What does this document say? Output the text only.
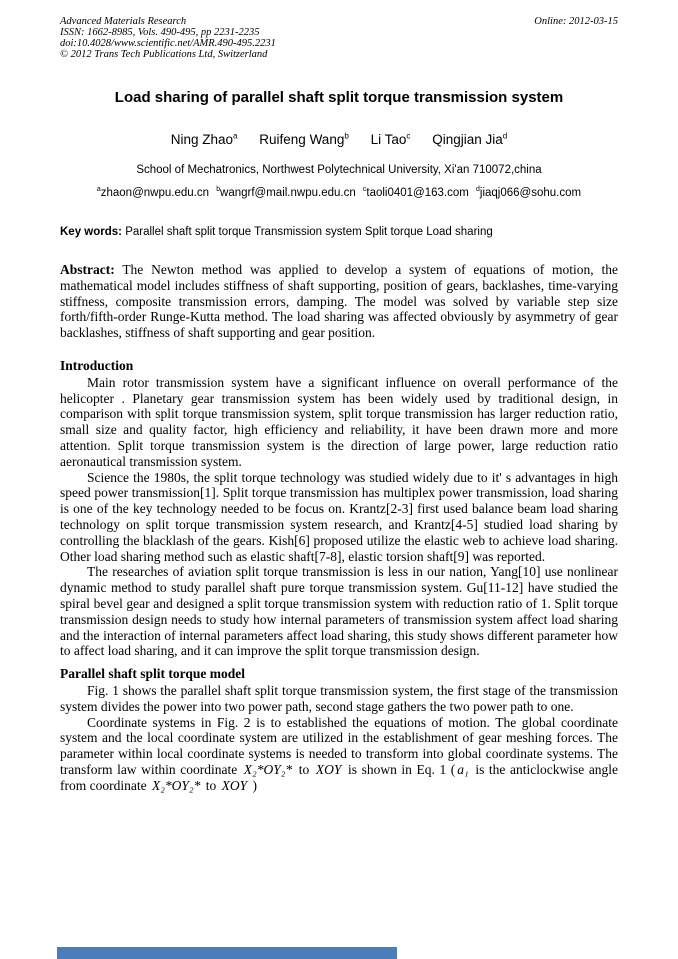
Advanced Materials Research	Online: 2012-03-15
ISSN: 1662-8985, Vols. 490-495, pp 2231-2235
doi:10.4028/www.scientific.net/AMR.490-495.2231
© 2012 Trans Tech Publications Ltd, Switzerland
Load sharing of parallel shaft split torque transmission system
Ning Zhao$^a$ Ruifeng Wang$^b$ Li Tao$^c$ Qingjian Jia$^d$
School of Mechatronics, Northwest Polytechnical University, Xi'an 710072,china
$^a$zhaon@nwpu.edu.cn $^b$wangrf@mail.nwpu.edu.cn $^c$taoli0401@163.com $^d$jiaqj066@sohu.com

Key words: Parallel shaft split torque Transmission system Split torque Load sharing

Abstract: The Newton method was applied to develop a system of equations of motion, the mathematical model includes stiffness of shaft supporting, position of gears, backlashes, time-varying stiffness, composite transmission errors, damping. The model was solved by variable step size forth/fifth-order Runge-Kutta method. The load sharing was affected obviously by asymmetry of gear backlashes, stiffness of shaft supporting and gear position.

Introduction

Main rotor transmission system have a significant influence on overall performance of the helicopter . Planetary gear transmission system has been widely used by traditional design, in comparison with split torque transmission system, split torque transmission has larger reduction ratio, small size and quality factor, high efficiency and reliability, it have been drawn more and more attention. Split torque transmission system is the direction of large power, large reduction ratio aeronautical transmission system.

Science the 1980s, the split torque technology was studied widely due to it' s advantages in high speed power transmission[1]. Split torque transmission has multiplex power transmission, load sharing is one of the key technology needed to be focus on. Krantz[2-3] first used balance beam load sharing technology on split torque transmission system research, and Krantz[4-5] studied load sharing by controlling the blacklash of the gears. Kish[6] proposed utilize the elastic web to achieve load sharing. Other load sharing method such as elastic shaft[7-8], elastic torsion shaft[9] was reported.

The researches of aviation split torque transmission is less in our nation, Yang[10] use nonlinear dynamic method to study parallel shaft pure torque transmission system. Gu[11-12] have studied the spiral bevel gear and designed a split torque transmission system with reduction ratio of 1. Split torque transmission design needs to study how internal parameters of transmission system affect load sharing and the interaction of internal parameters affect load sharing, this study shows different parameter how to affect load sharing, and it can improve the split torque transmission design.

Parallel shaft split torque model

Fig. 1 shows the parallel shaft split torque transmission system, the first stage of the transmission system divides the power into two power path, second stage gathers the two power path to one.

Coordinate systems in Fig. 2 is to established the equations of motion. The global coordinate system and the local coordinate system are utilized in the establishment of gear meshing forces. The parameter within local coordinate systems is needed to transform into global coordinate systems. The transform law within coordinate X₂*OY₂* to XOY is shown in Eq. 1 ( a₁ is the anticlockwise angle from coordinate X₂*OY₂* to XOY )
